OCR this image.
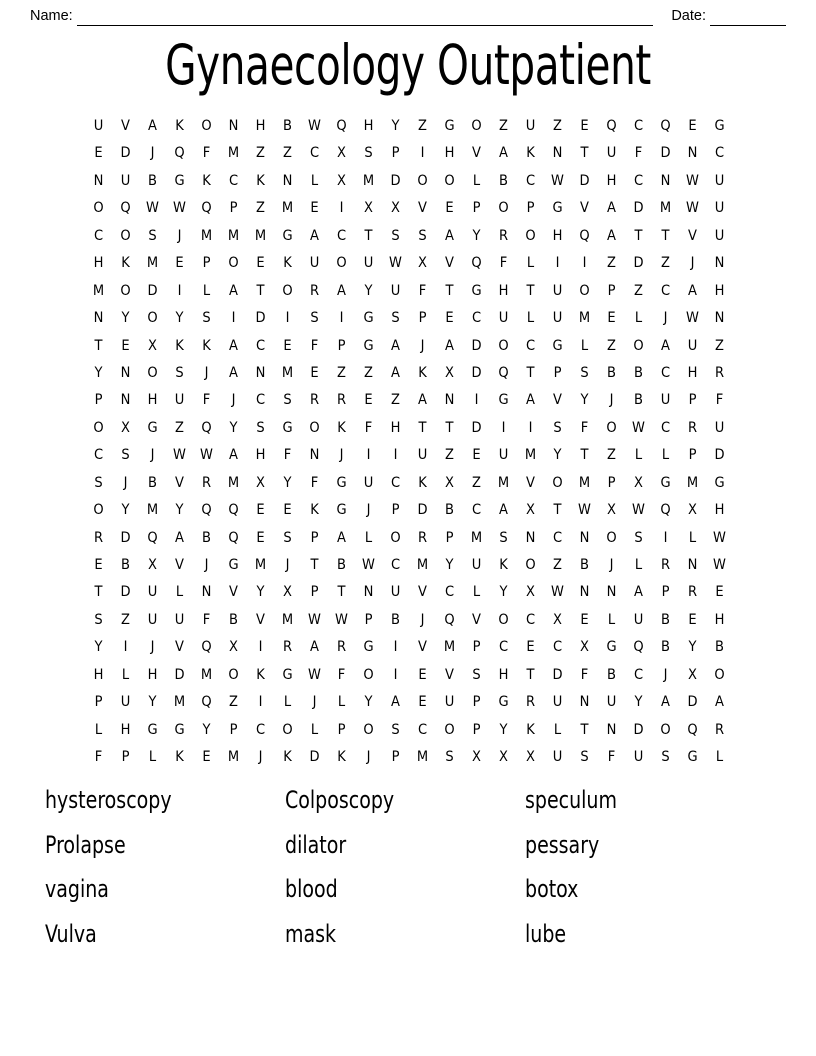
Name:	Date:
Gynaecology Outpatient
U	V	A	K	O	N	H	B	W	Q	H	Y	Z	G	O	Z	U	Z	E	Q	C	Q	E	G
E	D	J	Q	F	M	Z	Z	C	X	S	P	I	H	V	A	K	N	T	U	F	D	N	C
N	U	B	G	K	C	K	N	L	X	M	D	O	O	L	B	C	W	D	H	C	N	W	U
O	Q	W W	Q	P	Z	M	E	I	X	X	V	E	P	O	P	G	V	A	D	M	W	U
C	O	S	J	M	M	M	G	A	C	T	S	S	A	Y	R	O	H	Q	A	T	T	V	U
H	K	M	E	P	O	E	K	U	O	U	W	X	V	Q	F	L	I	I	Z	D	Z	J	N
M	O	D	I	L	A	T	O	R	A	Y	U	F	T	G	H	T	U	O	P	Z	C	A	H
N	Y	O	Y	S	I	D	I	S	I	G	S	P	E	C	U	L	U	M	E	L	J	W	N
T	E	X	K	K	A	C	E	F	P	G	A	J	A	D	O	C	G	L	Z	O	A	U	Z
Y	N	O	S	J	A	N	M	E	Z	Z	A	K	X	D	Q	T	P	S	B	B	C	H	R
P	N	H	U	F	J	C	S	R	R	E	Z	A	N	I	G	A	V	Y	J	B	U	P	F
O	X	G	Z	Q	Y	S	G	O	K	F	H	T	T	D	I	I	S	F	O	W	C	R	U
C	S	J	W W	A	H	F	N	J	I	I	U	Z	E	U	M	Y	T	Z	L	L	P	D
S	J	B	V	R	M	X	Y	F	G	U	C	K	X	Z	M	V	O	M	P	X	G	M	G
O	Y	M	Y	Q	Q	E	E	K	G	J	P	D	B	C	A	X	T	W	X	W	Q	X	H
R	D	Q	A	B	Q	E	S	P	A	L	O	R	P	M	S	N	C	N	O	S	I	L	W
E	B	X	V	J	G	M	J	T	B	W	C	M	Y	U	K	O	Z	B	J	L	R	N	W
T	D	U	L	N	V	Y	X	P	T	N	U	V	C	L	Y	X	W	N	N	A	P	R	E
S	Z	U	U	F	B	V	M	W W	P	B	J	Q	V	O	C	X	E	L	U	B	E	H
Y	I	J	V	Q	X	I	R	A	R	G	I	V	M	P	C	E	C	X	G	Q	B	Y	B
H	L	H	D	M	O	K	G	W	F	O	I	E	V	S	H	T	D	F	B	C	J	X	O
P	U	Y	M	Q	Z	I	L	J	L	Y	A	E	U	P	G	R	U	N	U	Y	A	D	A
L	H	G	G	Y	P	C	O	L	P	O	S	C	O	P	Y	K	L	T	N	D	O	Q	R
F	P	L	K	E	M	J	K	D	K	J	P	M	S	X	X	X	U	S	F	U	S	G	L
hysteroscopy	Colposcopy	speculum
Prolapse	dilator	pessary
vagina	blood	botox
Vulva	mask	lube
